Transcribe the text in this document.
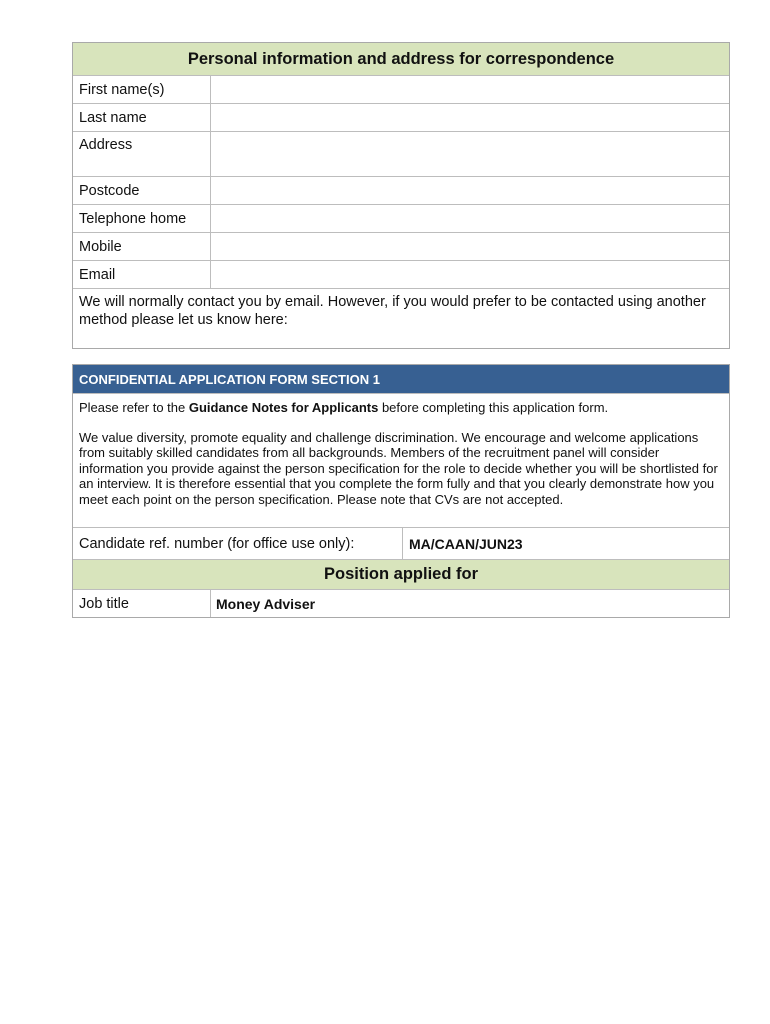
Personal information and address for correspondence
First name(s)
Last name
Address
Postcode
Telephone home
Mobile
Email
We will normally contact you by email. However, if you would prefer to be contacted using another method please let us know here:
CONFIDENTIAL APPLICATION FORM SECTION 1
Please refer to the Guidance Notes for Applicants before completing this application form.
We value diversity, promote equality and challenge discrimination. We encourage and welcome applications from suitably skilled candidates from all backgrounds. Members of the recruitment panel will consider information you provide against the person specification for the role to decide whether you will be shortlisted for an interview. It is therefore essential that you complete the form fully and that you clearly demonstrate how you meet each point on the person specification. Please note that CVs are not accepted.
Candidate ref. number (for office use only):	MA/CAAN/JUN23
Position applied for
Job title	Money Adviser
